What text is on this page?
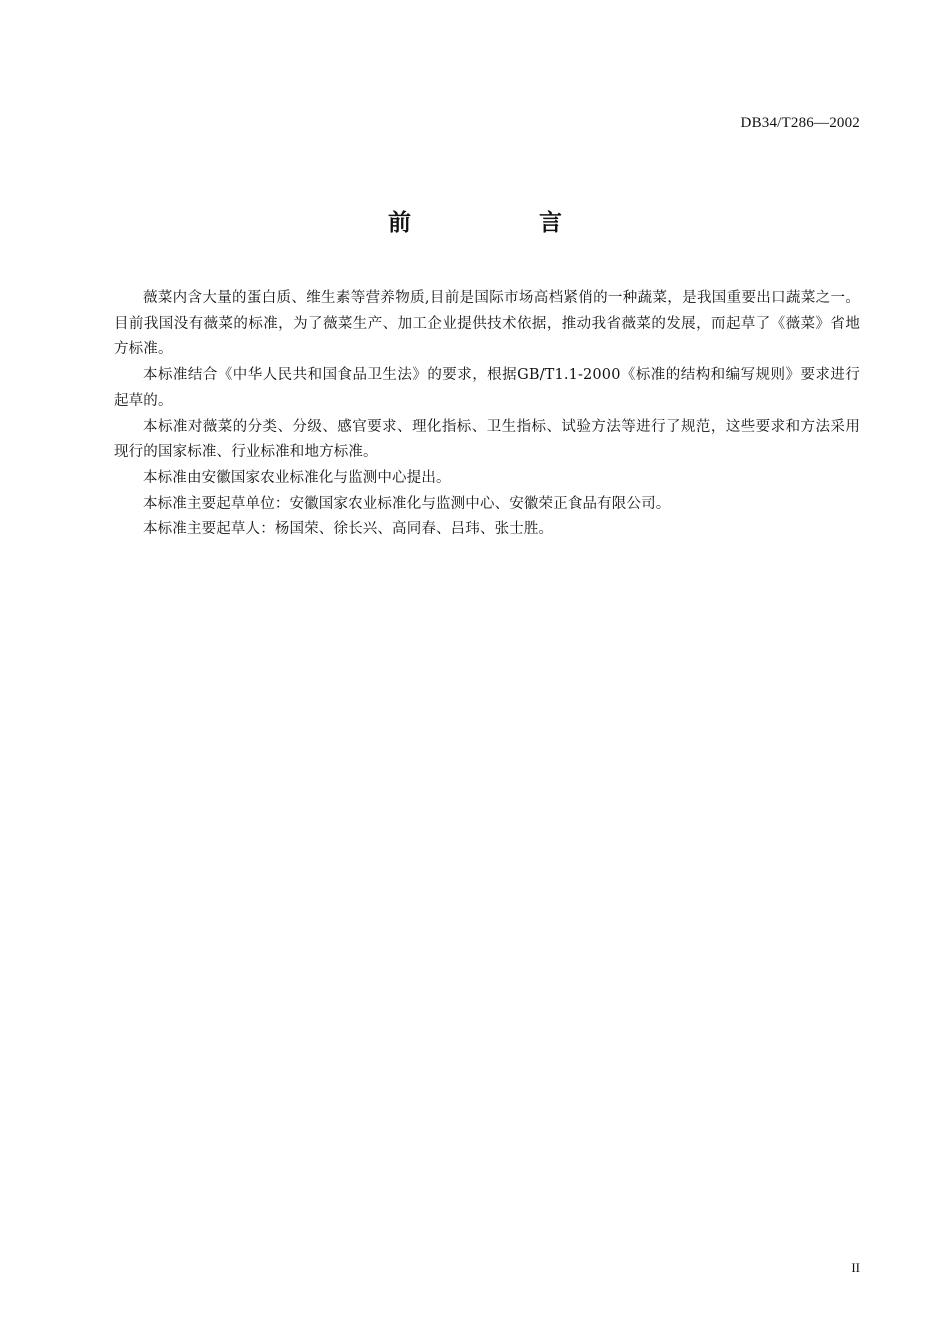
DB34/T286—2002
前 言

薇菜内含大量的蛋白质、维生素等营养物质,目前是国际市场高档紧俏的一种蔬菜，是我国重要出口蔬菜之一。目前我国没有薇菜的标准，为了薇菜生产、加工企业提供技术依据，推动我省薇菜的发展，而起草了《薇菜》省地方标准。

本标准结合《中华人民共和国食品卫生法》的要求，根据GB/T1.1-2000《标准的结构和编写规则》要求进行起草的。

本标准对薇菜的分类、分级、感官要求、理化指标、卫生指标、试验方法等进行了规范，这些要求和方法采用现行的国家标准、行业标准和地方标准。

本标准由安徽国家农业标准化与监测中心提出。

本标准主要起草单位：安徽国家农业标准化与监测中心、安徽荣正食品有限公司。

本标准主要起草人：杨国荣、徐长兴、高同春、吕玮、张士胜。

II
